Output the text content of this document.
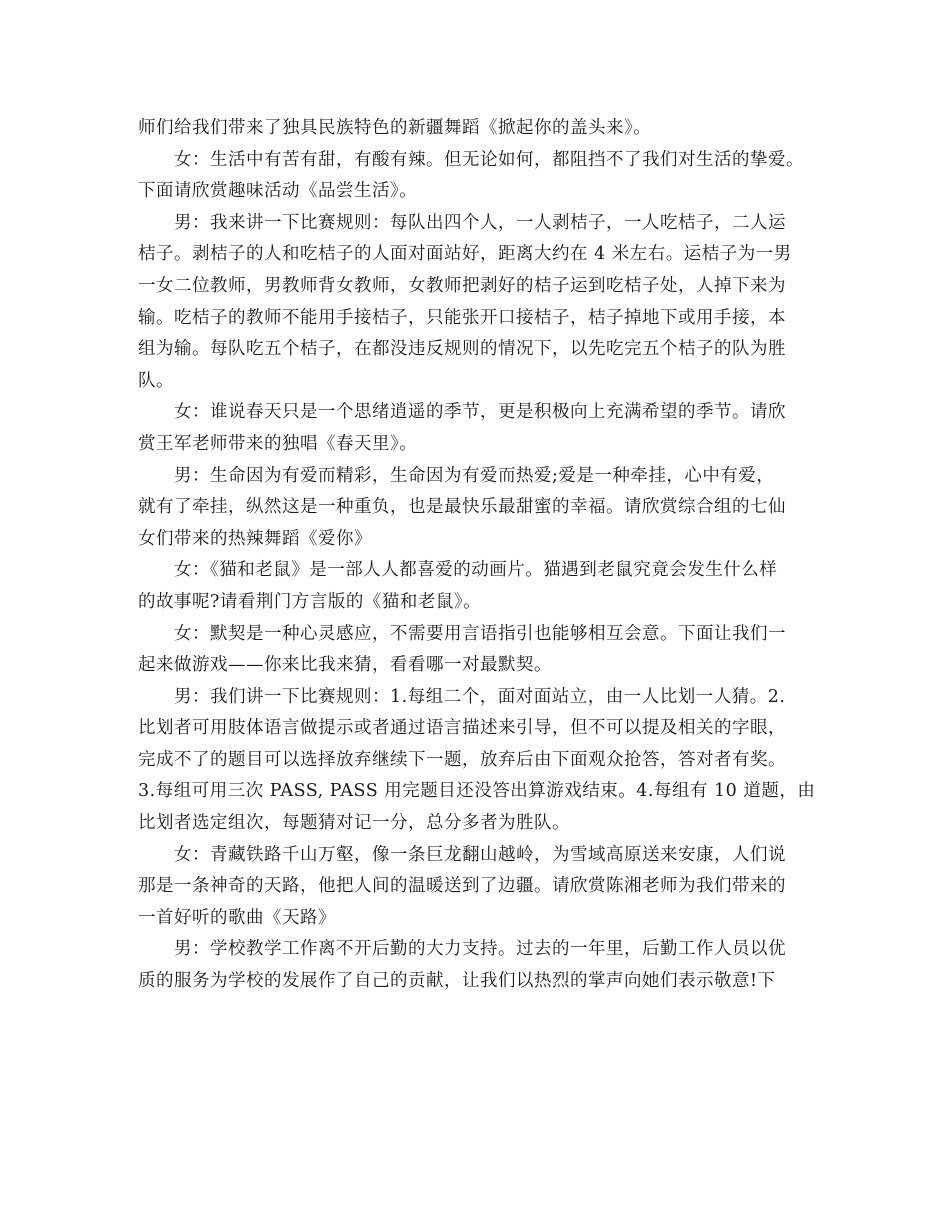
师们给我们带来了独具民族特色的新疆舞蹈《掀起你的盖头来》。
女：生活中有苦有甜，有酸有辣。但无论如何，都阻挡不了我们对生活的挚爱。
下面请欣赏趣味活动《品尝生活》。
男：我来讲一下比赛规则：每队出四个人，一人剥桔子，一人吃桔子，二人运
桔子。剥桔子的人和吃桔子的人面对面站好，距离大约在 4 米左右。运桔子为一男
一女二位教师，男教师背女教师，女教师把剥好的桔子运到吃桔子处，人掉下来为
输。吃桔子的教师不能用手接桔子，只能张开口接桔子，桔子掉地下或用手接，本
组为输。每队吃五个桔子，在都没违反规则的情况下，以先吃完五个桔子的队为胜
队。
女：谁说春天只是一个思绪逍遥的季节，更是积极向上充满希望的季节。请欣
赏王军老师带来的独唱《春天里》。
男：生命因为有爱而精彩，生命因为有爱而热爱;爱是一种牵挂，心中有爱，
就有了牵挂，纵然这是一种重负，也是最快乐最甜蜜的幸福。请欣赏综合组的七仙
女们带来的热辣舞蹈《爱你》
女：《猫和老鼠》是一部人人都喜爱的动画片。猫遇到老鼠究竟会发生什么样
的故事呢?请看荆门方言版的《猫和老鼠》。
女：默契是一种心灵感应，不需要用言语指引也能够相互会意。下面让我们一
起来做游戏——你来比我来猜，看看哪一对最默契。
男：我们讲一下比赛规则：1.每组二个，面对面站立，由一人比划一人猜。2.
比划者可用肢体语言做提示或者通过语言描述来引导，但不可以提及相关的字眼，
完成不了的题目可以选择放弃继续下一题，放弃后由下面观众抢答，答对者有奖。
3.每组可用三次 PASS, PASS 用完题目还没答出算游戏结束。4.每组有 10 道题，由
比划者选定组次，每题猜对记一分，总分多者为胜队。
女：青藏铁路千山万壑，像一条巨龙翻山越岭，为雪域高原送来安康，人们说
那是一条神奇的天路，他把人间的温暖送到了边疆。请欣赏陈湘老师为我们带来的
一首好听的歌曲《天路》
男：学校教学工作离不开后勤的大力支持。过去的一年里，后勤工作人员以优
质的服务为学校的发展作了自己的贡献，让我们以热烈的掌声向她们表示敬意!下
